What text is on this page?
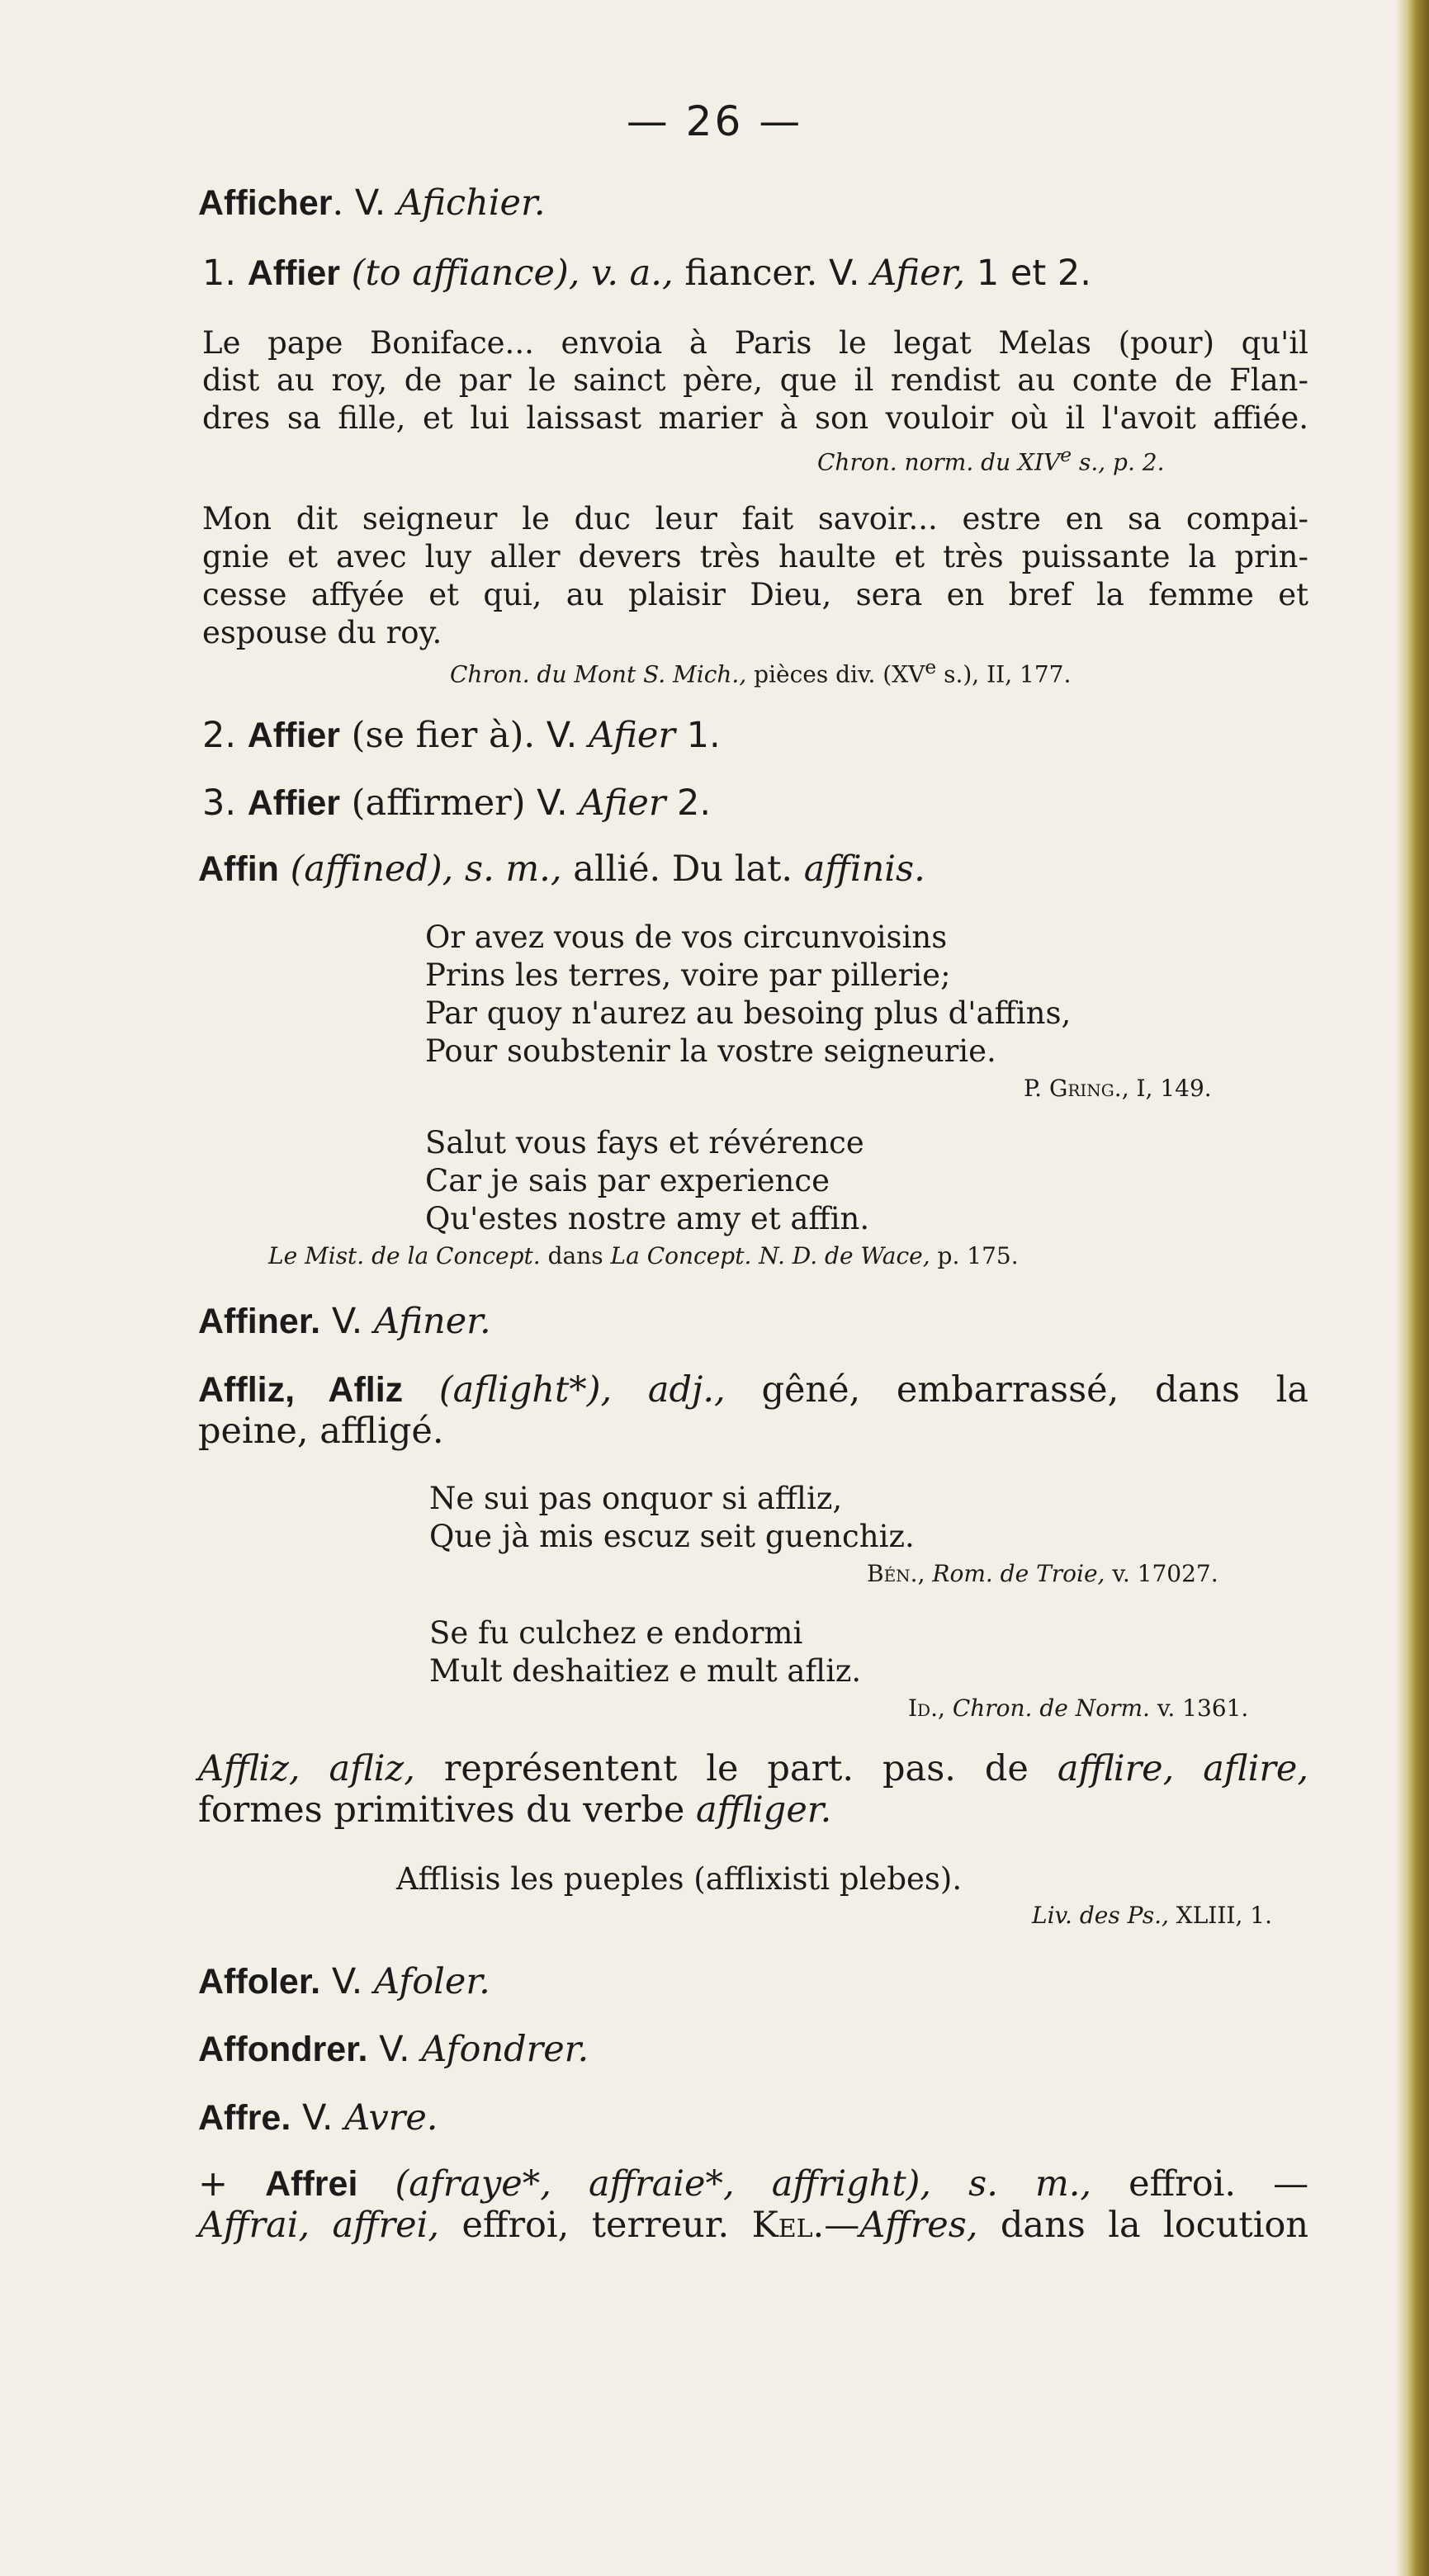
— 26 —
Afficher. V. Afichier.
1. Affier (to affiance), v. a., fiancer. V. Afier, 1 et 2.
Le pape Boniface... envoia à Paris le legat Melas (pour) qu'il
dist au roy, de par le sainct père, que il rendist au conte de Flan-
dres sa fille, et lui laissast marier à son vouloir où il l'avoit affiée.
Chron. norm. du XIVe s., p. 2.
Mon dit seigneur le duc leur fait savoir... estre en sa compai-
gnie et avec luy aller devers très haulte et très puissante la prin-
cesse affyée et qui, au plaisir Dieu, sera en bref la femme et
espouse du roy.
Chron. du Mont S. Mich., pièces div. (XVe s.), II, 177.
2. Affier (se fier à). V. Afier 1.
3. Affier (affirmer) V. Afier 2.
Affin (affined), s. m., allié. Du lat. affinis.
Or avez vous de vos circunvoisins
Prins les terres, voire par pillerie;
Par quoy n'aurez au besoing plus d'affins,
Pour soubstenir la vostre seigneurie.
P. Gring., I, 149.
Salut vous fays et révérence
Car je sais par experience
Qu'estes nostre amy et affin.
Le Mist. de la Concept. dans La Concept. N. D. de Wace, p. 175.
Affiner. V. Afiner.
Affliz, Afliz (aflight*), adj., gêné, embarrassé, dans la
peine, affligé.
Ne sui pas onquor si affliz,
Que jà mis escuz seit guenchiz.
Bén., Rom. de Troie, v. 17027.
Se fu culchez e endormi
Mult deshaitiez e mult afliz.
Id., Chron. de Norm. v. 1361.
Affliz, afliz, représentent le part. pas. de afflire, aflire,
formes primitives du verbe affliger.
Afflisis les pueples (afflixisti plebes).
Liv. des Ps., XLIII, 1.
Affoler. V. Afoler.
Affondrer. V. Afondrer.
Affre. V. Avre.
+ Affrei (afraye*, affraie*, affright), s. m., effroi. —
Affrai, affrei, effroi, terreur. Kel.—Affres, dans la locution
